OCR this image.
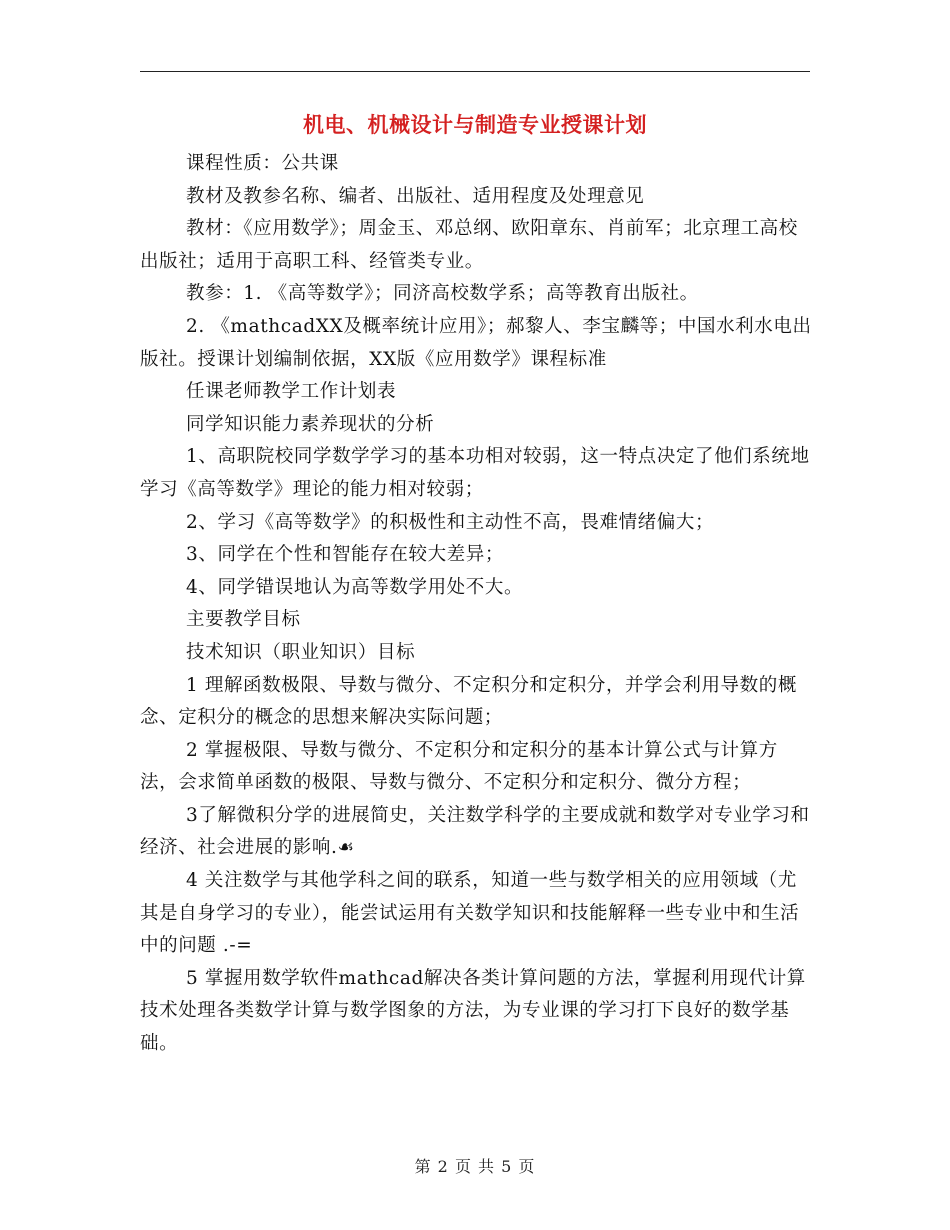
机电、机械设计与制造专业授课计划

课程性质：公共课

教材及教参名称、编者、出版社、适用程度及处理意见

教材：《应用数学》；周金玉、邓总纲、欧阳章东、肖前军；北京理工高校出版社；适用于高职工科、经管类专业。

教参：1. 《高等数学》；同济高校数学系；高等教育出版社。

2. 《mathcadXX及概率统计应用》；郝黎人、李宝麟等；中国水利水电出版社。授课计划编制依据，XX版《应用数学》课程标准

任课老师教学工作计划表

同学知识能力素养现状的分析

1、高职院校同学数学学习的基本功相对较弱，这一特点决定了他们系统地学习《高等数学》理论的能力相对较弱；

2、学习《高等数学》的积极性和主动性不高，畏难情绪偏大；

3、同学在个性和智能存在较大差异；

4、同学错误地认为高等数学用处不大。

主要教学目标

技术知识（职业知识）目标

1 理解函数极限、导数与微分、不定积分和定积分，并学会利用导数的概念、定积分的概念的思想来解决实际问题；

2 掌握极限、导数与微分、不定积分和定积分的基本计算公式与计算方法，会求简单函数的极限、导数与微分、不定积分和定积分、微分方程；

3了解微积分学的进展简史，关注数学科学的主要成就和数学对专业学习和经济、社会进展的影响.☙

4 关注数学与其他学科之间的联系，知道一些与数学相关的应用领域（尤其是自身学习的专业），能尝试运用有关数学知识和技能解释一些专业中和生活中的问题 .-=

5 掌握用数学软件mathcad解决各类计算问题的方法，掌握利用现代计算技术处理各类数学计算与数学图象的方法，为专业课的学习打下良好的数学基础。

第 2 页 共 5 页
